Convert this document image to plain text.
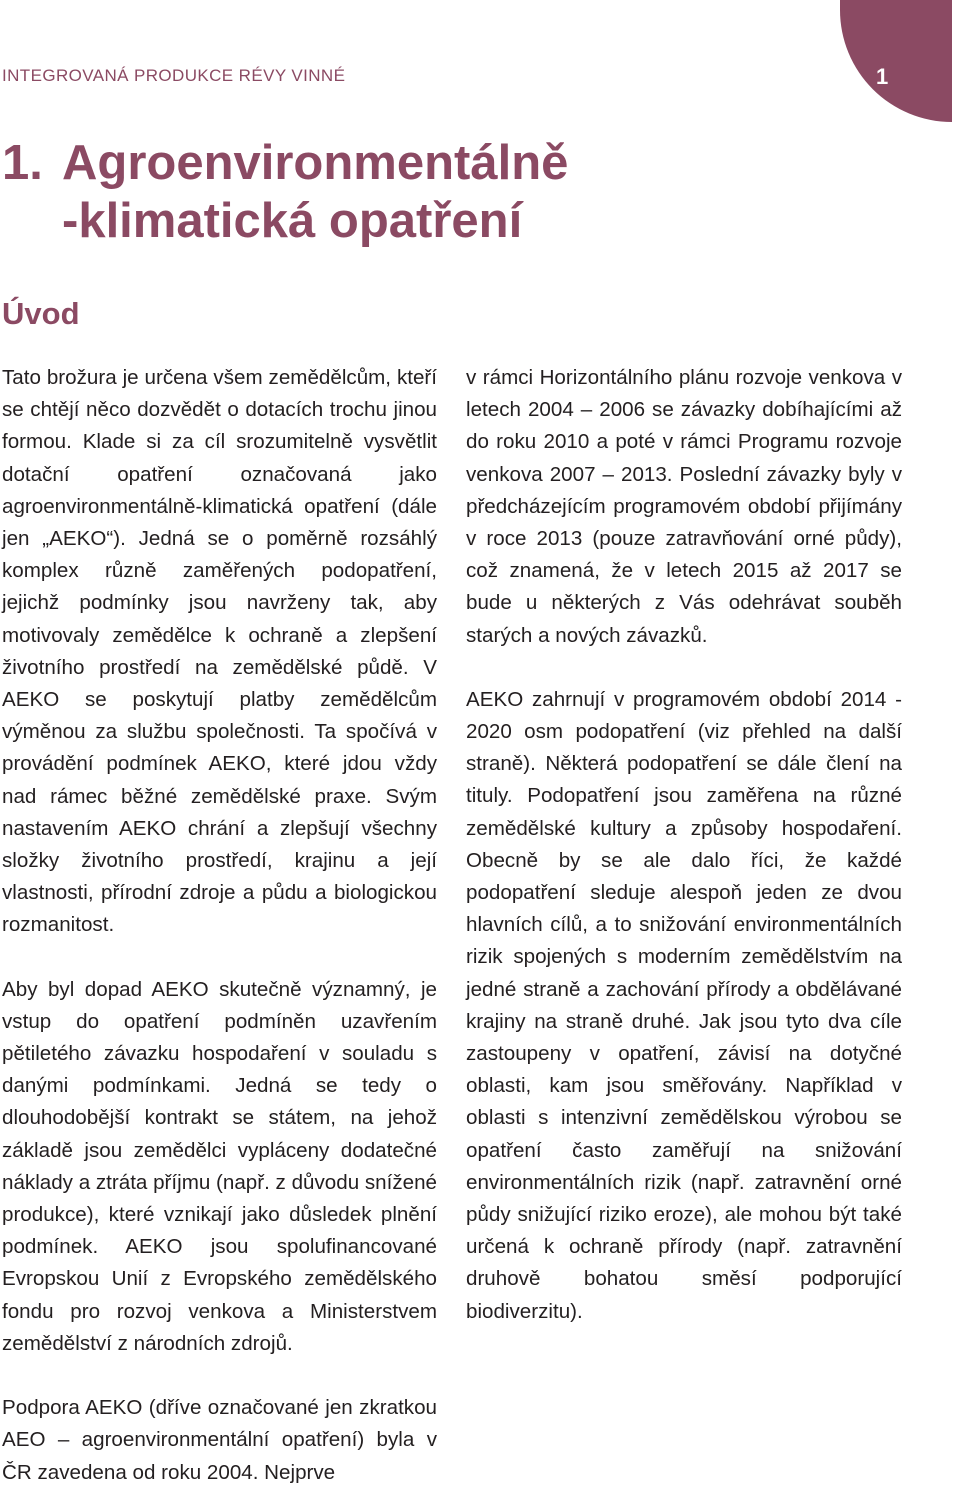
INTEGROVANÁ PRODUKCE RÉVY VINNÉ	1
1. Agroenvironmentálně
-klimatická opatření
Úvod

Tato brožura je určena všem zemědělcům, kteří se chtějí něco dozvědět o dotacích trochu jinou formou. Klade si za cíl srozumitelně vysvětlit dotační opatření označovaná jako agroenvironmentálně-klimatická opatření (dále jen „AEKO“). Jedná se o poměrně rozsáhlý komplex různě zaměřených podopatření, jejichž podmínky jsou navrženy tak, aby motivovaly zemědělce k ochraně a zlepšení životního prostředí na zemědělské půdě. V AEKO se poskytují platby zemědělcům výměnou za službu společnosti. Ta spočívá v provádění podmínek AEKO, které jdou vždy nad rámec běžné zemědělské praxe. Svým nastavením AEKO chrání a zlepšují všechny složky životního prostředí, krajinu a její vlastnosti, přírodní zdroje a půdu a biologickou rozmanitost.

Aby byl dopad AEKO skutečně významný, je vstup do opatření podmíněn uzavřením pětiletého závazku hospodaření v souladu s danými podmínkami. Jedná se tedy o dlouhodobější kontrakt se státem, na jehož základě jsou zemědělci vypláceny dodatečné náklady a ztráta příjmu (např. z důvodu snížené produkce), které vznikají jako důsledek plnění podmínek. AEKO jsou spolufinancované Evropskou Unií z Evropského zemědělského fondu pro rozvoj venkova a Ministerstvem zemědělství z národních zdrojů.

Podpora AEKO (dříve označované jen zkratkou AEO – agroenvironmentální opatření) byla v ČR zavedena od roku 2004. Nejprve

v rámci Horizontálního plánu rozvoje venkova v letech 2004 – 2006 se závazky dobíhajícími až do roku 2010 a poté v rámci Programu rozvoje venkova 2007 – 2013. Poslední závazky byly v předcházejícím programovém období přijímány v roce 2013 (pouze zatravňování orné půdy), což znamená, že v letech 2015 až 2017 se bude u některých z Vás odehrávat souběh starých a nových závazků.

AEKO zahrnují v programovém období 2014 - 2020 osm podopatření (viz přehled na další straně). Některá podopatření se dále člení na tituly. Podopatření jsou zaměřena na různé zemědělské kultury a způsoby hospodaření. Obecně by se ale dalo říci, že každé podopatření sleduje alespoň jeden ze dvou hlavních cílů, a to snižování environmentálních rizik spojených s moderním zemědělstvím na jedné straně a zachování přírody a obdělávané krajiny na straně druhé. Jak jsou tyto dva cíle zastoupeny v opatření, závisí na dotyčné oblasti, kam jsou směřovány. Například v oblasti s intenzivní zemědělskou výrobou se opatření často zaměřují na snižování environmentálních rizik (např. zatravnění orné půdy snižující riziko eroze), ale mohou být také určená k ochraně přírody (např. zatravnění druhově bohatou směsí podporující biodiverzitu).
